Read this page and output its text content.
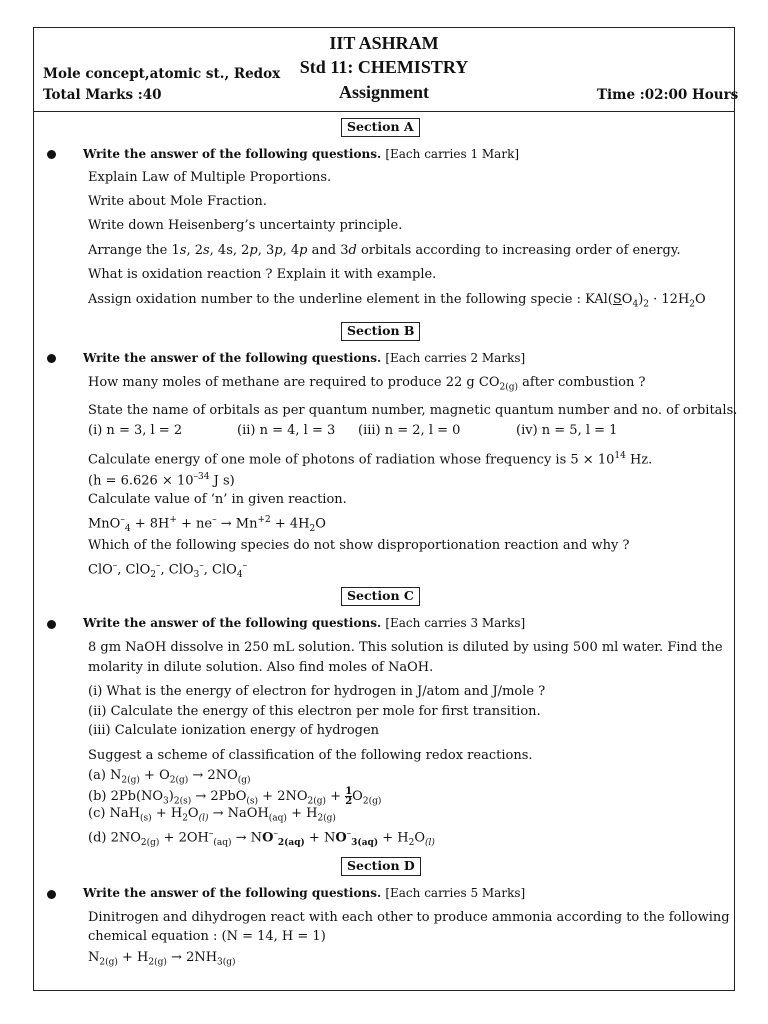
IIT ASHRAM
Std 11: CHEMISTRY
Assignment
Mole concept,atomic st., Redox
Total Marks :40	Time :02:00 Hours
Section A
Write the answer of the following questions. [Each carries 1 Mark]
Explain Law of Multiple Proportions.
Write about Mole Fraction.
Write down Heisenberg’s uncertainty principle.
Arrange the 1s, 2s, 4s, 2p, 3p, 4p and 3d orbitals according to increasing order of energy.
What is oxidation reaction ? Explain it with example.
Assign oxidation number to the underline element in the following specie : $KAl(SO_4)_2 \cdot 12H_2O$
Section B
Write the answer of the following questions. [Each carries 2 Marks]
How many moles of methane are required to produce 22 g $CO_{2(g)}$ after combustion ?
State the name of orbitals as per quantum number, magnetic quantum number and no. of orbitals.
(i) n = 3, l = 2	(ii) n = 4, l = 3 (iii) n = 2, l = 0	(iv) n = 5, l = 1
Calculate energy of one mole of photons of radiation whose frequency is $5 \times 10^{14}$ Hz.
($h = 6.626 \times 10^{-34}$ J s)
Calculate value of ‘n’ in given reaction.
$MnO^-_4 + 8H^+ + ne^- \to Mn^{+2} + 4H_2O$
Which of the following species do not show disproportionation reaction and why ?
ClO–, ClO$_2$–, ClO$_3$–, ClO$_4$–
Section C
Write the answer of the following questions. [Each carries 3 Marks]
8 gm NaOH dissolve in 250 mL solution. This solution is diluted by using 500 ml water. Find the
molarity in dilute solution. Also find moles of NaOH.
(i) What is the energy of electron for hydrogen in J/atom and J/mole ?
(ii) Calculate the energy of this electron per mole for first transition.
(iii) Calculate ionization energy of hydrogen
Suggest a scheme of classification of the following redox reactions.
(a) $N_{2(g)} + O_{2(g)} \to 2NO_{(g)}$
(b) $2Pb(NO_3)_{2(s)} \to 2PbO_{(s)} + 2NO_{2(g)} + \frac{1}{2} O_{2(g)}$
(c) $NaH_{(s)} + H_2O_{(l)}$ → NaOH$_{(aq)}$ + $H_{2(g)}$
(d) $2NO_{2(g)} + 2OH^-_{(aq)} \to NO^-_{2(aq)} + NO^-_{3(aq)} + H_2O_{(l)}$
Section D
Write the answer of the following questions. [Each carries 5 Marks]
Dinitrogen and dihydrogen react with each other to produce ammonia according to the following
chemical equation : (N = 14, H = 1)
$N_{2(g)} + H_{2(g)} \to 2NH_{3(g)}$
